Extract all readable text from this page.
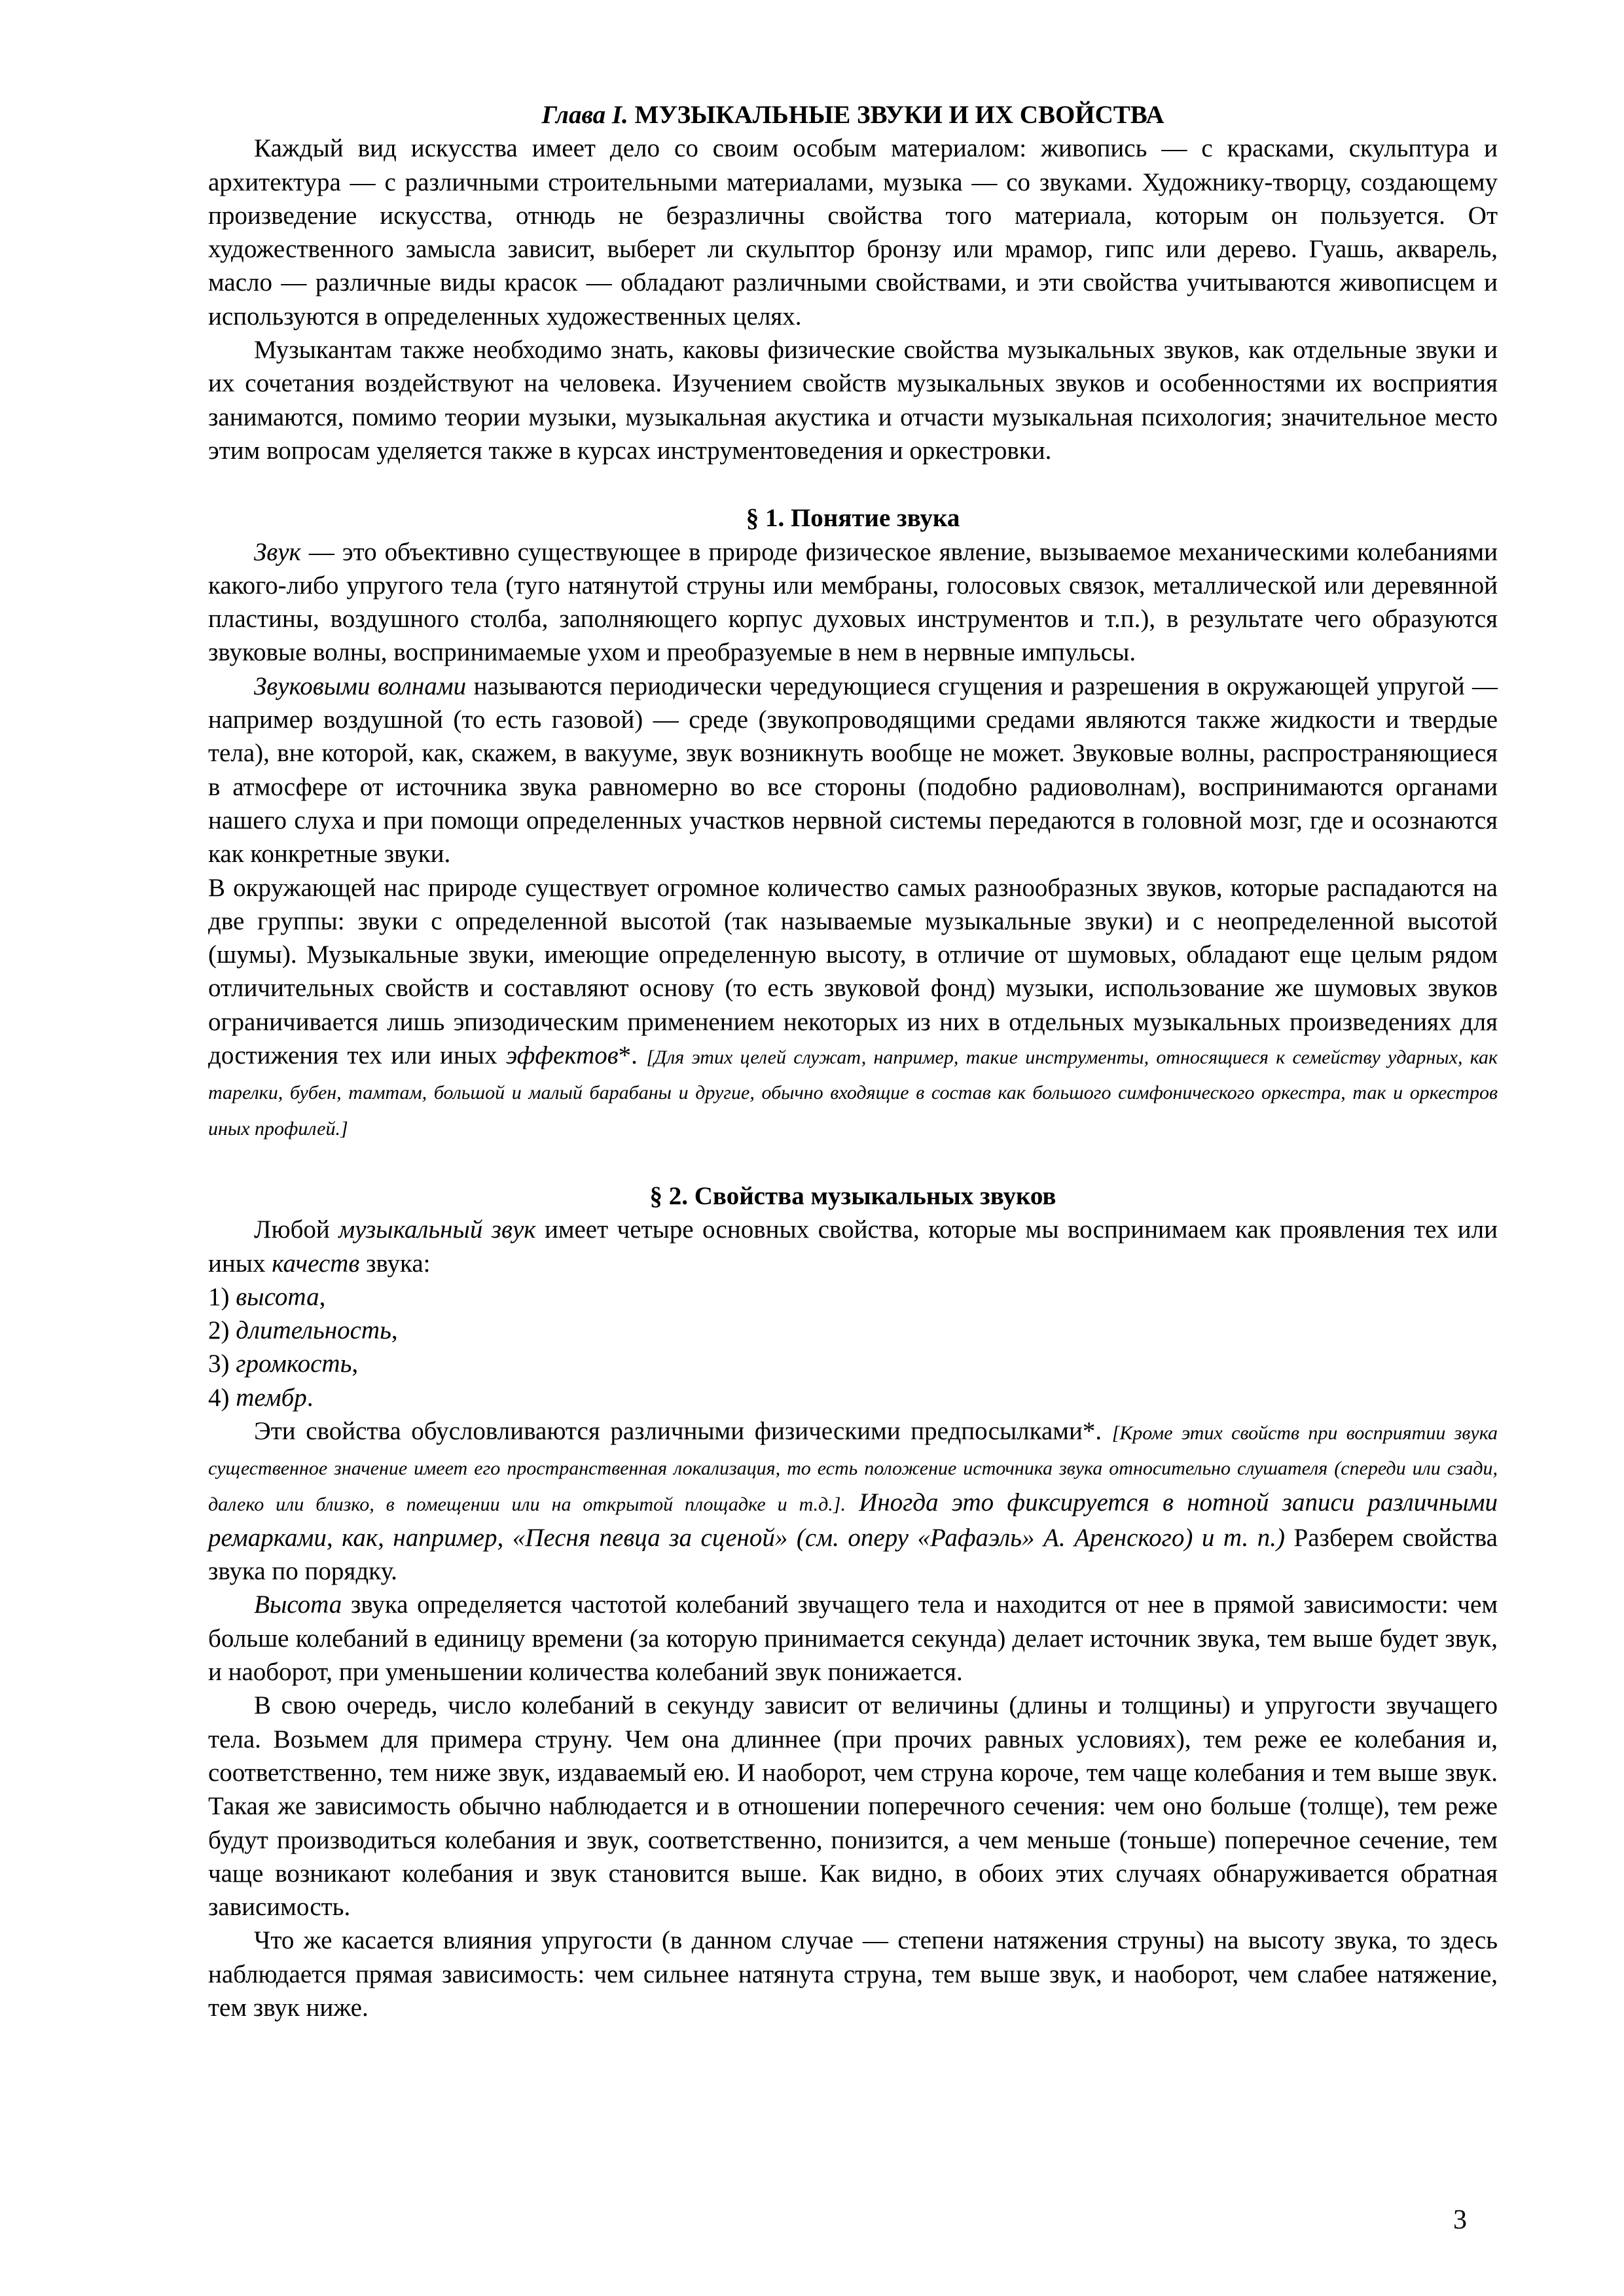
Глава I. МУЗЫКАЛЬНЫЕ ЗВУКИ И ИХ СВОЙСТВА

Каждый вид искусства имеет дело со своим особым материалом: живопись — с красками, скульптура и архитектура — с различными строительными материалами, музыка — со звуками. Художнику-творцу, создающему произведение искусства, отнюдь не безразличны свойства того материала, которым он пользуется. От художественного замысла зависит, выберет ли скульптор бронзу или мрамор, гипс или дерево. Гуашь, акварель, масло — различные виды красок — обладают различными свойствами, и эти свойства учитываются живописцем и используются в определенных художественных целях.

Музыкантам также необходимо знать, каковы физические свойства музыкальных звуков, как отдельные звуки и их сочетания воздействуют на человека. Изучением свойств музыкальных звуков и особенностями их восприятия занимаются, помимо теории музыки, музыкальная акустика и отчасти музыкальная психология; значительное место этим вопросам уделяется также в курсах инструментоведения и оркестровки.

§ 1. Понятие звука

Звук — это объективно существующее в природе физическое явление, вызываемое механическими колебаниями какого-либо упругого тела (туго натянутой струны или мембраны, голосовых связок, металлической или деревянной пластины, воздушного столба, заполняющего корпус духовых инструментов и т.п.), в результате чего образуются звуковые волны, воспринимаемые ухом и преобразуемые в нем в нервные импульсы.

Звуковыми волнами называются периодически чередующиеся сгущения и разрешения в окружающей упругой — например воздушной (то есть газовой) — среде (звукопроводящими средами являются также жидкости и твердые тела), вне которой, как, скажем, в вакууме, звук возникнуть вообще не может. Звуковые волны, распространяющиеся в атмосфере от источника звука равномерно во все стороны (подобно радиоволнам), воспринимаются органами нашего слуха и при помощи определенных участков нервной системы передаются в головной мозг, где и осознаются как конкретные звуки.

В окружающей нас природе существует огромное количество самых разнообразных звуков, которые распадаются на две группы: звуки с определенной высотой (так называемые музыкальные звуки) и с неопределенной высотой (шумы). Музыкальные звуки, имеющие определенную высоту, в отличие от шумовых, обладают еще целым рядом отличительных свойств и составляют основу (то есть звуковой фонд) музыки, использование же шумовых звуков ограничивается лишь эпизодическим применением некоторых из них в отдельных музыкальных произведениях для достижения тех или иных эффектов*. [Для этих целей служат, например, такие инструменты, относящиеся к семейству ударных, как тарелки, бубен, тамтам, большой и малый барабаны и другие, обычно входящие в состав как большого симфонического оркестра, так и оркестров иных профилей.]

§ 2. Свойства музыкальных звуков

Любой музыкальный звук имеет четыре основных свойства, которые мы воспринимаем как проявления тех или иных качеств звука:

1) высота,

2) длительность,

3) громкость,

4) тембр.

Эти свойства обусловливаются различными физическими предпосылками*. [Кроме этих свойств при восприятии звука существенное значение имеет его пространственная локализация, то есть положение источника звука относительно слушателя (спереди или сзади, далеко или близко, в помещении или на открытой площадке и т.д.]. Иногда это фиксируется в нотной записи различными ремарками, как, например, «Песня певца за сценой» (см. оперу «Рафаэль» А. Аренского) и т. п.) Разберем свойства звука по порядку.

Высота звука определяется частотой колебаний звучащего тела и находится от нее в прямой зависимости: чем больше колебаний в единицу времени (за которую принимается секунда) делает источник звука, тем выше будет звук, и наоборот, при уменьшении количества колебаний звук понижается.

В свою очередь, число колебаний в секунду зависит от величины (длины и толщины) и упругости звучащего тела. Возьмем для примера струну. Чем она длиннее (при прочих равных условиях), тем реже ее колебания и, соответственно, тем ниже звук, издаваемый ею. И наоборот, чем струна короче, тем чаще колебания и тем выше звук. Такая же зависимость обычно наблюдается и в отношении поперечного сечения: чем оно больше (толще), тем реже будут производиться колебания и звук, соответственно, понизится, а чем меньше (тоньше) поперечное сечение, тем чаще возникают колебания и звук становится выше. Как видно, в обоих этих случаях обнаруживается обратная зависимость.

Что же касается влияния упругости (в данном случае — степени натяжения струны) на высоту звука, то здесь наблюдается прямая зависимость: чем сильнее натянута струна, тем выше звук, и наоборот, чем слабее натяжение, тем звук ниже.

3
